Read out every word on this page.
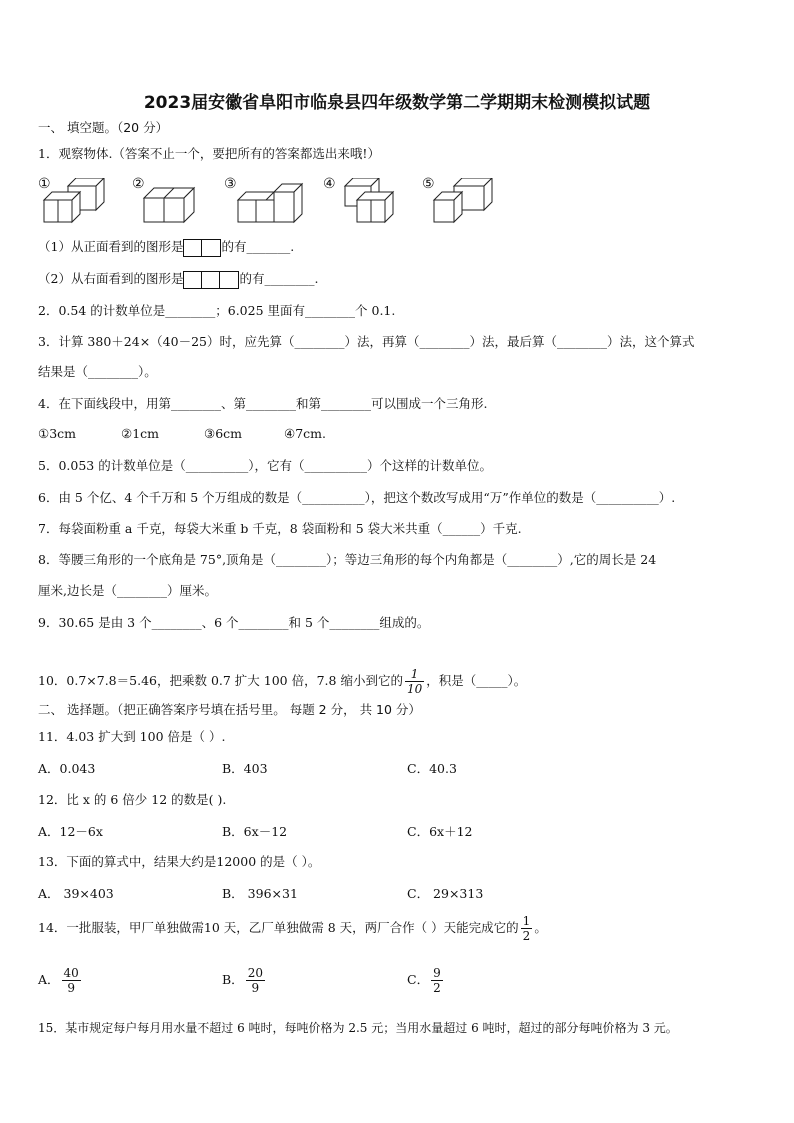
2023届安徽省阜阳市临泉县四年级数学第二学期期末检测模拟试题
一、 填空题。（20 分）
1．观察物体.（答案不止一个，要把所有的答案都选出来哦!）
①	②	③	④	⑤
（1）从正面看到的图形是	的有_______.
（2）从右面看到的图形是	的有________.
2．0.54 的计数单位是________；6.025 里面有________个 0.1.
3．计算 380＋24×（40－25）时，应先算（________）法，再算（________）法，最后算（________）法，这个算式
结果是（________）。
4．在下面线段中，用第________、第________和第________可以围成一个三角形.
①3cm	②1cm	③6cm	④7cm.
5．0.053 的计数单位是（__________），它有（__________）个这样的计数单位。
6．由 5 个亿、4 个千万和 5 个万组成的数是（__________），把这个数改写成用“万”作单位的数是（__________）.
7．每袋面粉重 a 千克，每袋大米重 b 千克，8 袋面粉和 5 袋大米共重（______）千克.
8．等腰三角形的一个底角是 75°,顶角是（________）；等边三角形的每个内角都是（________）,它的周长是 24
厘米,边长是（________）厘米。
9．30.65 是由 3 个________、6 个________和 5 个________组成的。
10．0.7×7.8＝5.46，把乘数 0.7 扩大 100 倍，7.8 缩小到它的 $\frac{1}{10}$ ，积是（_____）。
二、 选择题。（把正确答案序号填在括号里。 每题 2 分， 共 10 分）
11．4.03 扩大到 100 倍是（ ）.
A．0.043	B．403	C．40.3
12．比 x 的 6 倍少 12 的数是( ).
A．12－6x	B．6x－12	C．6x＋12
13．下面的算式中，结果大约是12000 的是（ ）。
A． 39×403	B． 396×31	C． 29×313
14．一批服装，甲厂单独做需10 天，乙厂单独做需 8 天，两厂合作（ ）天能完成它的 $\frac{1}{2}$ 。
A． $\frac{40}{9}$	B． $\frac{20}{9}$	C． $\frac{9}{2}$
15．某市规定每户每月用水量不超过 6 吨时，每吨价格为 2.5 元；当用水量超过 6 吨时，超过的部分每吨价格为 3 元。
